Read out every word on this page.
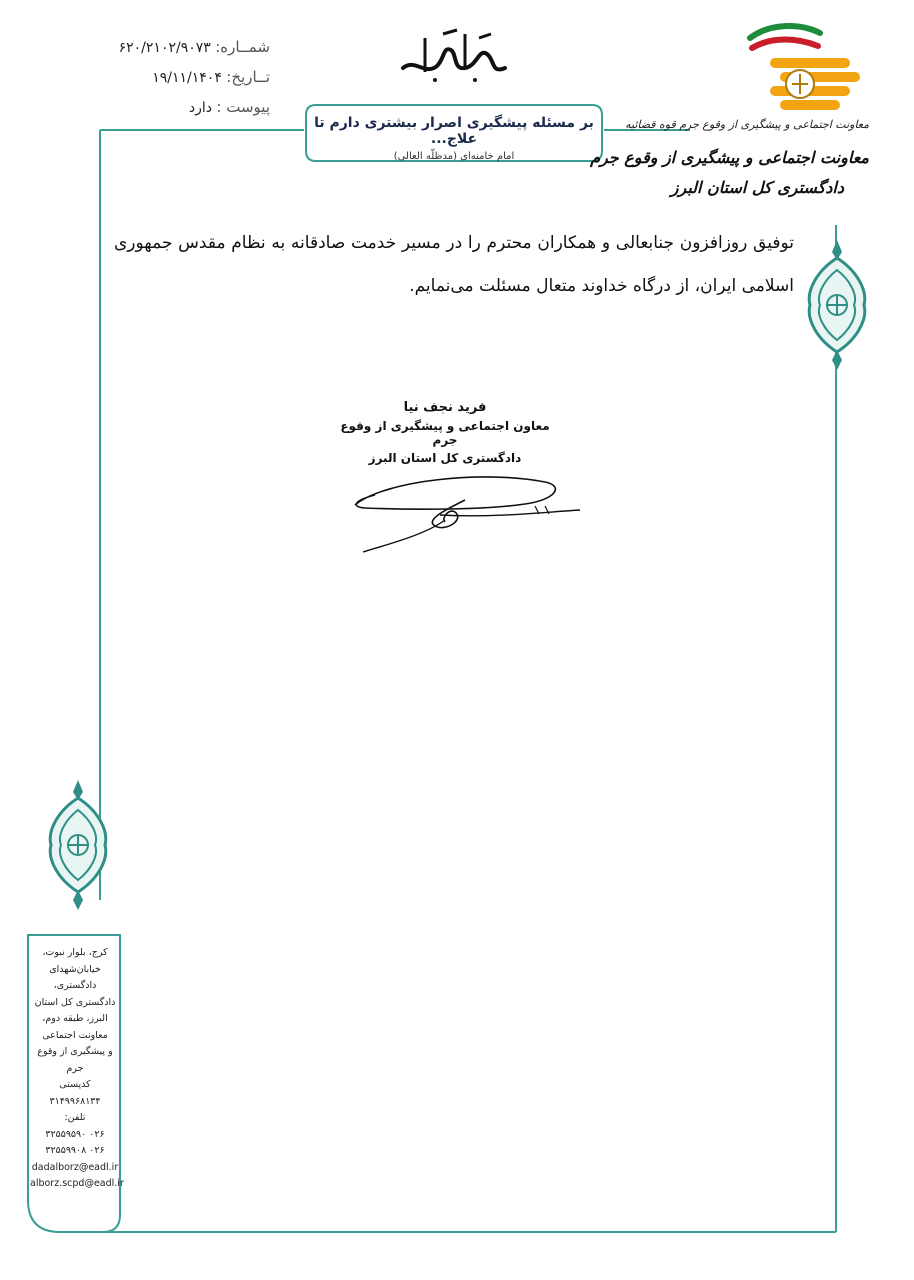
شمــاره: ۶۲۰/۲۱۰۲/۹۰۷۳
تــاریخ: ۱۹/۱۱/۱۴۰۴
پیوست : دارد
بر مسئله پیشگیری اصرار بیشتری دارم تا علاج...
امام خامنه‌ای (مدظلّه العالی)
معاونت اجتماعی و پیشگیری از وقوع جرم قوه قضائیه
معاونت اجتماعی و پیشگیری از وقوع جرم
دادگستری کل استان البرز
توفیق روزافزون جنابعالی و همکاران محترم را در مسیر خدمت صادقانه به نظام مقدس جمهوری اسلامی ایران، از درگاه خداوند متعال مسئلت می‌نمایم.
فرید نجف نیا
معاون اجتماعی و پیشگیری از وقوع جرم
دادگستری کل استان البرز
کرج، بلوار نبوت،
خیابان‌شهدای
دادگستری،
دادگستری کل استان
البرز، طبقه دوم،
معاونت اجتماعی
و پیشگیری از وقوع
جرم
کدپستی
۳۱۴۹۹۶۸۱۳۴
تلفن:
۰۲۶ ۳۲۵۵۹۵۹۰
۰۲۶ ۳۲۵۵۹۹۰۸
dadalborz@eadl.ir
alborz.scpd@eadl.ir
